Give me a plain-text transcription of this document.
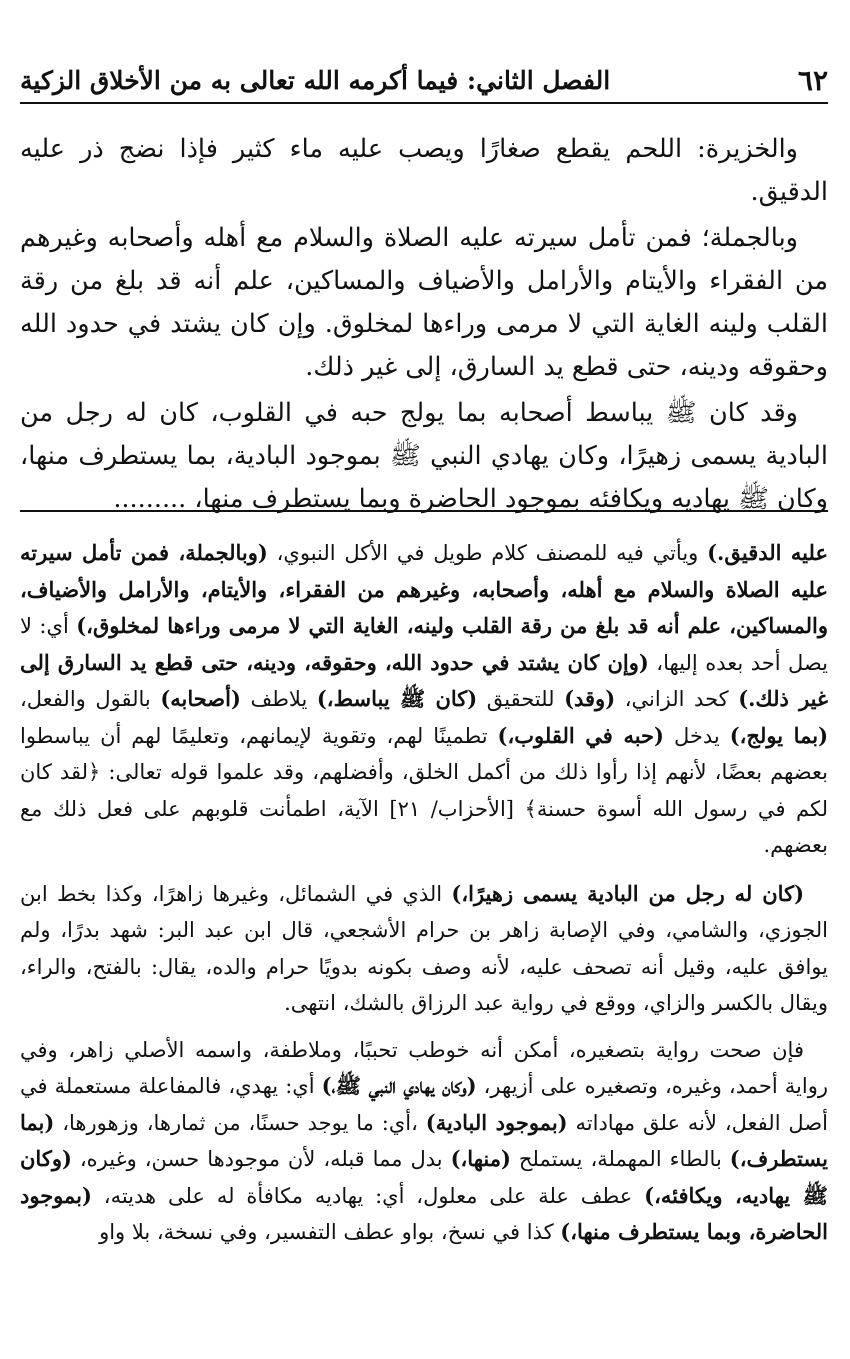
٦٢
الفصل الثاني: فيما أكرمه الله تعالى به من الأخلاق الزكية

والخزيرة: اللحم يقطع صغارًا ويصب عليه ماء كثير فإذا نضج ذر عليه الدقيق.

وبالجملة؛ فمن تأمل سيرته عليه الصلاة والسلام مع أهله وأصحابه وغيرهم من الفقراء والأيتام والأرامل والأضياف والمساكين، علم أنه قد بلغ من رقة القلب ولينه الغاية التي لا مرمى وراءها لمخلوق. وإن كان يشتد في حدود الله وحقوقه ودينه، حتى قطع يد السارق، إلى غير ذلك.

وقد كان ﷺ يباسط أصحابه بما يولج حبه في القلوب، كان له رجل من البادية يسمى زهيرًا، وكان يهادي النبي ﷺ بموجود البادية، بما يستطرف منها، وكان ﷺ يهاديه ويكافئه بموجود الحاضرة وبما يستطرف منها، .........

عليه الدقيق.) ويأتي فيه للمصنف كلام طويل في الأكل النبوي، (وبالجملة، فمن تأمل سيرته عليه الصلاة والسلام مع أهله، وأصحابه، وغيرهم من الفقراء، والأيتام، والأرامل والأضياف، والمساكين، علم أنه قد بلغ من رقة القلب ولينه، الغاية التي لا مرمى وراءها لمخلوق،) أي: لا يصل أحد بعده إليها، (وإن كان يشتد في حدود الله، وحقوقه، ودينه، حتى قطع يد السارق إلى غير ذلك.) كحد الزاني، (وقد) للتحقيق (كان ﷺ يباسط،) يلاطف (أصحابه) بالقول والفعل، (بما يولج،) يدخل (حبه في القلوب،) تطمينًا لهم، وتقوية لإيمانهم، وتعليمًا لهم أن يباسطوا بعضهم بعضًا، لأنهم إذا رأوا ذلك من أكمل الخلق، وأفضلهم، وقد علموا قوله تعالى: ﴿لقد كان لكم في رسول الله أسوة حسنة﴾ [الأحزاب/ ٢١] الآية، اطمأنت قلوبهم على فعل ذلك مع بعضهم.

(كان له رجل من البادية يسمى زهيرًا،) الذي في الشمائل، وغيرها زاهرًا، وكذا بخط ابن الجوزي، والشامي، وفي الإصابة زاهر بن حرام الأشجعي، قال ابن عبد البر: شهد بدرًا، ولم يوافق عليه، وقيل أنه تصحف عليه، لأنه وصف بكونه بدويًا حرام والده، يقال: بالفتح، والراء، ويقال بالكسر والزاي، ووقع في رواية عبد الرزاق بالشك، انتهى.

فإن صحت رواية بتصغيره، أمكن أنه خوطب تحببًا، وملاطفة، واسمه الأصلي زاهر، وفي رواية أحمد، وغيره، وتصغيره على أزيهر، (وكان يهادي النبي ﷺ،) أي: يهدي، فالمفاعلة مستعملة في أصل الفعل، لأنه علق مهاداته (بموجود البادية) ،أي: ما يوجد حسنًا، من ثمارها، وزهورها، (بما يستطرف،) بالطاء المهملة، يستملح (منها،) بدل مما قبله، لأن موجودها حسن، وغيره، (وكان ﷺ يهاديه، ويكافئه،) عطف علة على معلول، أي: يهاديه مكافأة له على هديته، (بموجود الحاضرة، وبما يستطرف منها،) كذا في نسخ، بواو عطف التفسير، وفي نسخة، بلا واو
